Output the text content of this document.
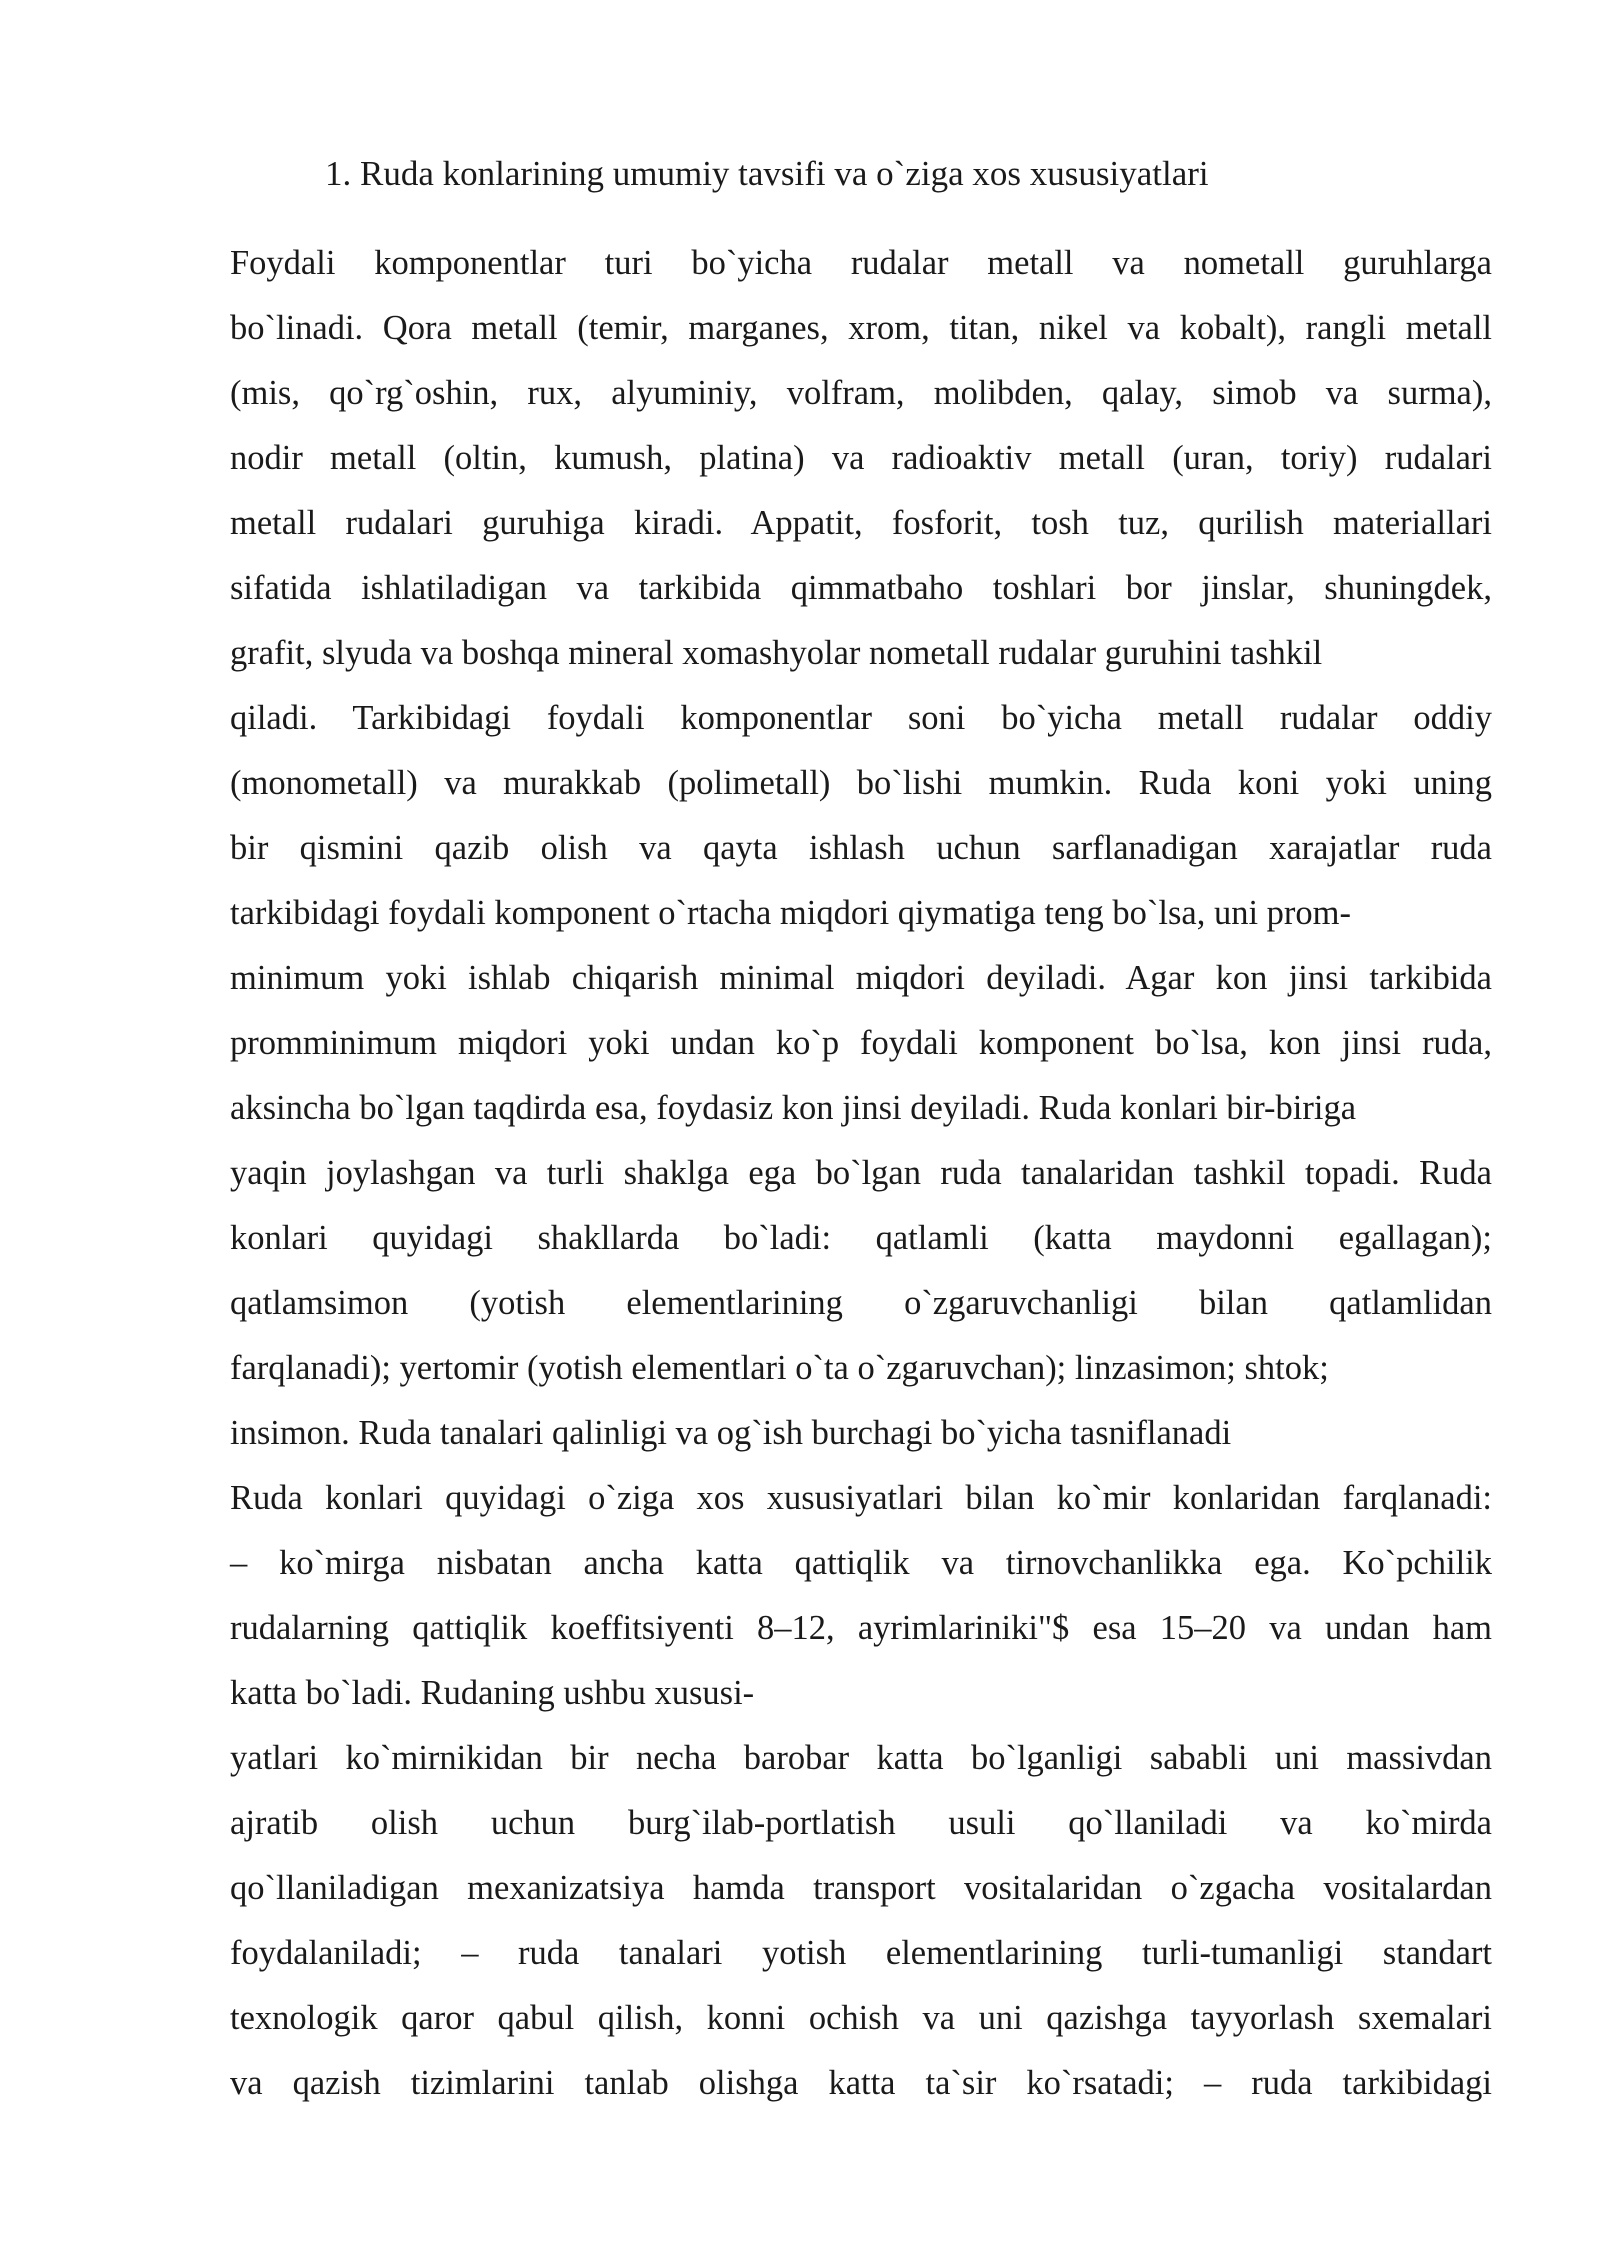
1. Ruda konlarining umumiy tavsifi va o`ziga xos xususiyatlari
Foydali komponentlar turi bo`yicha rudalar metall va nometall guruhlarga
bo`linadi. Qora metall (temir, marganes, xrom, titan, nikel va kobalt), rangli metall
(mis, qo`rg`oshin, rux, alyuminiy, volfram, molibden, qalay, simob va surma),
nodir metall (oltin, kumush, platina) va radioaktiv metall (uran, toriy) rudalari
metall rudalari guruhiga kiradi. Appatit, fosforit, tosh tuz, qurilish materiallari
sifatida ishlatiladigan va tarkibida qimmatbaho toshlari bor jinslar, shuningdek,
grafit, slyuda va boshqa mineral xomashyolar nometall rudalar guruhini tashkil
qiladi. Tarkibidagi foydali komponentlar soni bo`yicha metall rudalar oddiy
(monometall) va murakkab (polimetall) bo`lishi mumkin. Ruda koni yoki uning
bir qismini qazib olish va qayta ishlash uchun sarflanadigan xarajatlar ruda
tarkibidagi foydali komponent o`rtacha miqdori qiymatiga teng bo`lsa, uni prom-
minimum yoki ishlab chiqarish minimal miqdori deyiladi. Agar kon jinsi tarkibida
promminimum miqdori yoki undan ko`p foydali komponent bo`lsa, kon jinsi ruda,
aksincha bo`lgan taqdirda esa, foydasiz kon jinsi deyiladi. Ruda konlari bir-biriga
yaqin joylashgan va turli shaklga ega bo`lgan ruda tanalaridan tashkil topadi. Ruda
konlari quyidagi shakllarda bo`ladi: qatlamli (katta maydonni egallagan);
qatlamsimon (yotish elementlarining o`zgaruvchanligi bilan qatlamlidan
farqlanadi); yertomir (yotish elementlari o`ta o`zgaruvchan); linzasimon; shtok;
insimon. Ruda tanalari qalinligi va og`ish burchagi bo`yicha tasniflanadi
Ruda konlari quyidagi o`ziga xos xususiyatlari bilan ko`mir konlaridan farqlanadi:
– ko`mirga nisbatan ancha katta qattiqlik va tirnovchanlikka ega. Ko`pchilik
rudalarning qattiqlik koeffitsiyenti 8–12, ayrimlariniki"$ esa 15–20 va undan ham
katta bo`ladi. Rudaning ushbu xususi-
yatlari ko`mirnikidan bir necha barobar katta bo`lganligi sababli uni massivdan
ajratib olish uchun burg`ilab-portlatish usuli qo`llaniladi va ko`mirda
qo`llaniladigan mexanizatsiya hamda transport vositalaridan o`zgacha vositalardan
foydalaniladi; – ruda tanalari yotish elementlarining turli-tumanligi standart
texnologik qaror qabul qilish, konni ochish va uni qazishga tayyorlash sxemalari
va qazish tizimlarini tanlab olishga katta ta`sir ko`rsatadi; – ruda tarkibidagi
